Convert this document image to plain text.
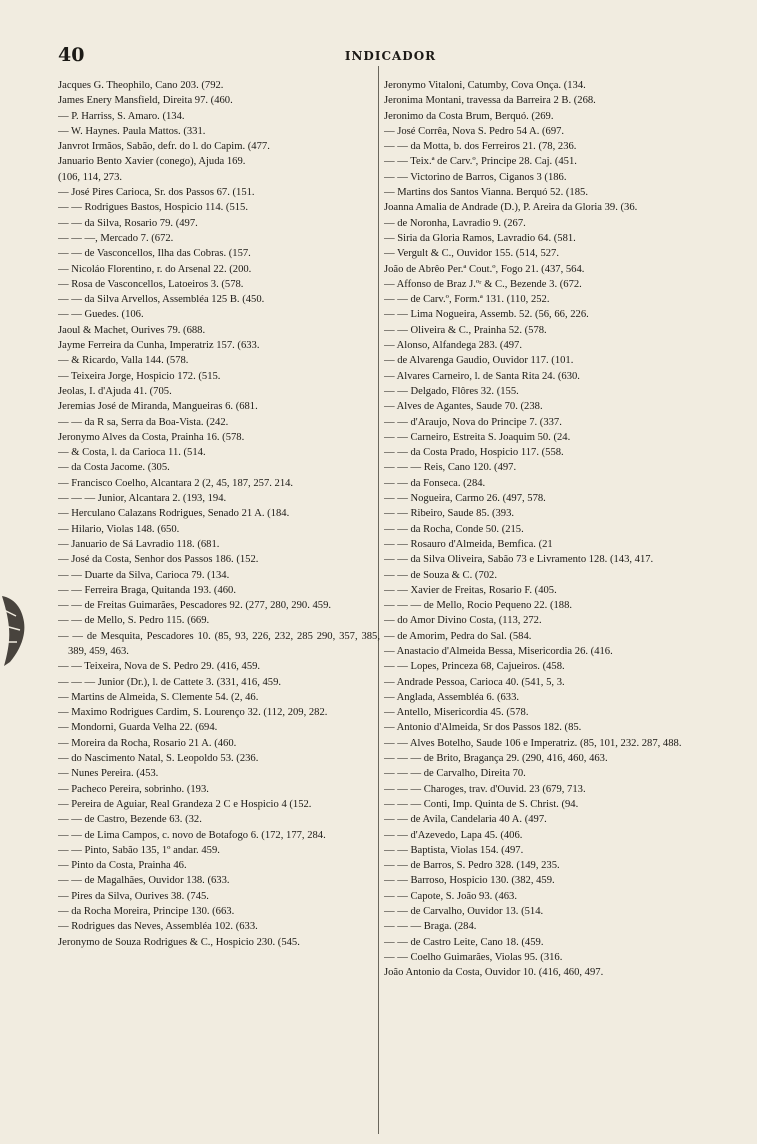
40	INDICADOR
Jacques G. Theophilo, Cano 203. (792.
James Enery Mansfield, Direita 97. (460.
— P. Harriss, S. Amaro. (134.
— W. Haynes. Paula Mattos. (331.
Janvrot Irmãos, Sabão, defr. do l. do Capim. (477.
Januario Bento Xavier (conego), Ajuda 169.
(106, 114, 273.
— José Pires Carioca, Sr. dos Passos 67. (151.
— — Rodrigues Bastos, Hospicio 114. (515.
— — da Silva, Rosario 79. (497.
— — —, Mercado 7. (672.
— — de Vasconcellos, Ilha das Cobras. (157.
— Nicoláo Florentino, r. do Arsenal 22. (200.
— Rosa de Vasconcellos, Latoeiros 3. (578.
— — da Silva Arvellos, Assembléa 125 B. (450.
— — Guedes. (106.
Jaoul & Machet, Ourives 79. (688.
Jayme Ferreira da Cunha, Imperatriz 157. (633.
— & Ricardo, Valla 144. (578.
— Teixeira Jorge, Hospicio 172. (515.
Jeolas, I. d'Ajuda 41. (705.
Jeremias José de Miranda, Mangueiras 6. (681.
— — da R sa, Serra da Boa-Vista. (242.
Jeronymo Alves da Costa, Prainha 16. (578.
— & Costa, l. da Carioca 11. (514.
— da Costa Jacome. (305.
— Francisco Coelho, Alcantara 2 (2, 45, 187, 257. 214.
— — — Junior, Alcantara 2. (193, 194.
— Herculano Calazans Rodrigues, Senado 21 A. (184.
— Hilario, Violas 148. (650.
— Januario de Sá Lavradio 118. (681.
— José da Costa, Senhor dos Passos 186. (152.
— — Duarte da Silva, Carioca 79. (134.
— — Ferreira Braga, Quitanda 193. (460.
— — de Freitas Guimarães, Pescadores 92. (277, 280, 290. 459.
— — de Mello, S. Pedro 115. (669.
— — de Mesquita, Pescadores 10. (85, 93, 226, 232, 285 290, 357, 385, 389, 459, 463.
— — Teixeira, Nova de S. Pedro 29. (416, 459.
— — — Junior (Dr.), l. de Cattete 3. (331, 416, 459.
— Martins de Almeida, S. Clemente 54. (2, 46.
— Maximo Rodrigues Cardim, S. Lourenço 32. (112, 209, 282.
— Mondorni, Guarda Velha 22. (694.
— Moreira da Rocha, Rosario 21 A. (460.
— do Nascimento Natal, S. Leopoldo 53. (236.
— Nunes Pereira. (453.
— Pacheco Pereira, sobrinho. (193.
— Pereira de Aguiar, Real Grandeza 2 C e Hospicio 4 (152.
— — de Castro, Bezende 63. (32.
— — de Lima Campos, c. novo de Botafogo 6. (172, 177, 284.
— — Pinto, Sabão 135, 1º andar. 459.
— Pinto da Costa, Prainha 46.
— — de Magalhães, Ouvidor 138. (633.
— Pires da Silva, Ourives 38. (745.
— da Rocha Moreira, Principe 130. (663.
— Rodrigues das Neves, Assembléa 102. (633.
Jeronymo de Souza Rodrigues & C., Hospicio 230. (545.
Jeronymo Vitaloni, Catumby, Cova Onça. (134.
Jeronima Montani, travessa da Barreira 2 B. (268.
Jeronimo da Costa Brum, Berquó. (269.
— José Corrêa, Nova S. Pedro 54 A. (697.
— — da Motta, b. dos Ferreiros 21. (78, 236.
— — Teix.ª de Carv.º, Principe 28. Caj. (451.
— — Victorino de Barros, Ciganos 3 (186.
— Martins dos Santos Vianna. Berquó 52. (185.
Joanna Amalia de Andrade (D.), P. Areira da Gloria 39. (36.
— de Noronha, Lavradio 9. (267.
— Siria da Gloria Ramos, Lavradio 64. (581.
— Vergult & C., Ouvidor 155. (514, 527.
João de Abrêo Per.ª Cout.º, Fogo 21. (437, 564.
— Affonso de Braz J.ºʳ & C., Bezende 3. (672.
— — de Carv.º, Form.ª 131. (110, 252.
— — Lima Nogueira, Assemb. 52. (56, 66, 226.
— — Oliveira & C., Prainha 52. (578.
— Alonso, Alfandega 283. (497.
— de Alvarenga Gaudio, Ouvidor 117. (101.
— Alvares Carneiro, l. de Santa Rita 24. (630.
— — Delgado, Flôres 32. (155.
— Alves de Agantes, Saude 70. (238.
— — d'Araujo, Nova do Principe 7. (337.
— — Carneiro, Estreita S. Joaquim 50. (24.
— — da Costa Prado, Hospicio 117. (558.
— — — Reis, Cano 120. (497.
— — da Fonseca. (284.
— — Nogueira, Carmo 26. (497, 578.
— — Ribeiro, Saude 85. (393.
— — da Rocha, Conde 50. (215.
— — Rosauro d'Almeida, Bemfica. (21
— — da Silva Oliveira, Sabão 73 e Livramento 128. (143, 417.
— — de Souza & C. (702.
— — Xavier de Freitas, Rosario F. (405.
— — — de Mello, Rocio Pequeno 22. (188.
— do Amor Divino Costa, (113, 272.
— de Amorim, Pedra do Sal. (584.
— Anastacio d'Almeida Bessa, Misericordia 26. (416.
— — Lopes, Princeza 68, Cajueiros. (458.
— Andrade Pessoa, Carioca 40. (541, 5, 3.
— Anglada, Assembléa 6. (633.
— Antello, Misericordia 45. (578.
— Antonio d'Almeida, Sr dos Passos 182. (85.
— — Alves Botelho, Saude 106 e Imperatriz. (85, 101, 232. 287, 488.
— — — de Brito, Bragança 29. (290, 416, 460, 463.
— — — de Carvalho, Direita 70.
— — — Charoges, trav. d'Ouvid. 23 (679, 713.
— — — Conti, Imp. Quinta de S. Christ. (94.
— — de Avila, Candelaria 40 A. (497.
— — d'Azevedo, Lapa 45. (406.
— — Baptista, Violas 154. (497.
— — de Barros, S. Pedro 328. (149, 235.
— — Barroso, Hospicio 130. (382, 459.
— — Capote, S. João 93. (463.
— — de Carvalho, Ouvidor 13. (514.
— — — Braga. (284.
— — de Castro Leite, Cano 18. (459.
— — Coelho Guimarães, Violas 95. (316.
João Antonio da Costa, Ouvidor 10. (416, 460, 497.
